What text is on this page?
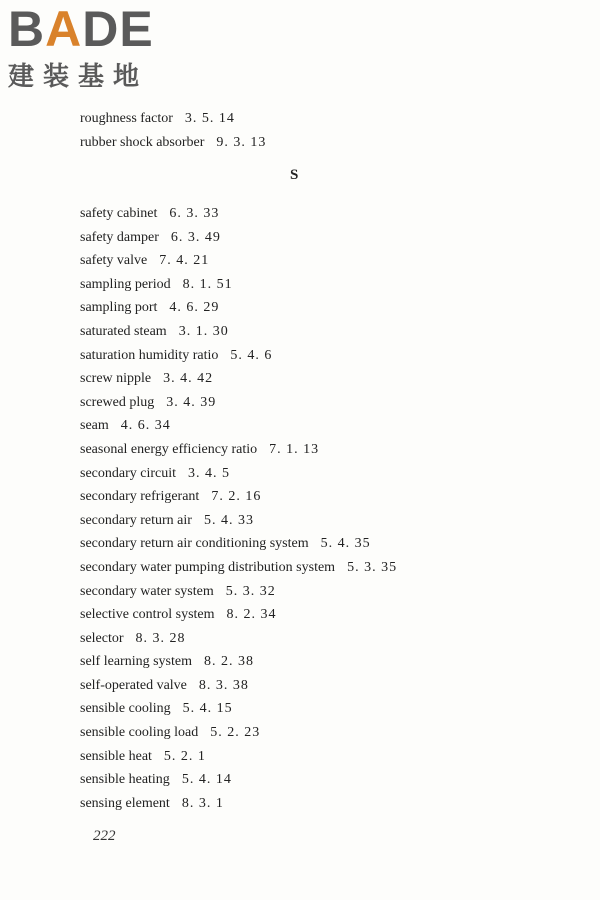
BADE
建装基地
roughness factor 3. 5. 14
rubber shock absorber 9. 3. 13
S
safety cabinet 6. 3. 33
safety damper 6. 3. 49
safety valve 7. 4. 21
sampling period 8. 1. 51
sampling port 4. 6. 29
saturated steam 3. 1. 30
saturation humidity ratio 5. 4. 6
screw nipple 3. 4. 42
screwed plug 3. 4. 39
seam 4. 6. 34
seasonal energy efficiency ratio 7. 1. 13
secondary circuit 3. 4. 5
secondary refrigerant 7. 2. 16
secondary return air 5. 4. 33
secondary return air conditioning system 5. 4. 35
secondary water pumping distribution system 5. 3. 35
secondary water system 5. 3. 32
selective control system 8. 2. 34
selector 8. 3. 28
self learning system 8. 2. 38
self-operated valve 8. 3. 38
sensible cooling 5. 4. 15
sensible cooling load 5. 2. 23
sensible heat 5. 2. 1
sensible heating 5. 4. 14
sensing element 8. 3. 1
222
